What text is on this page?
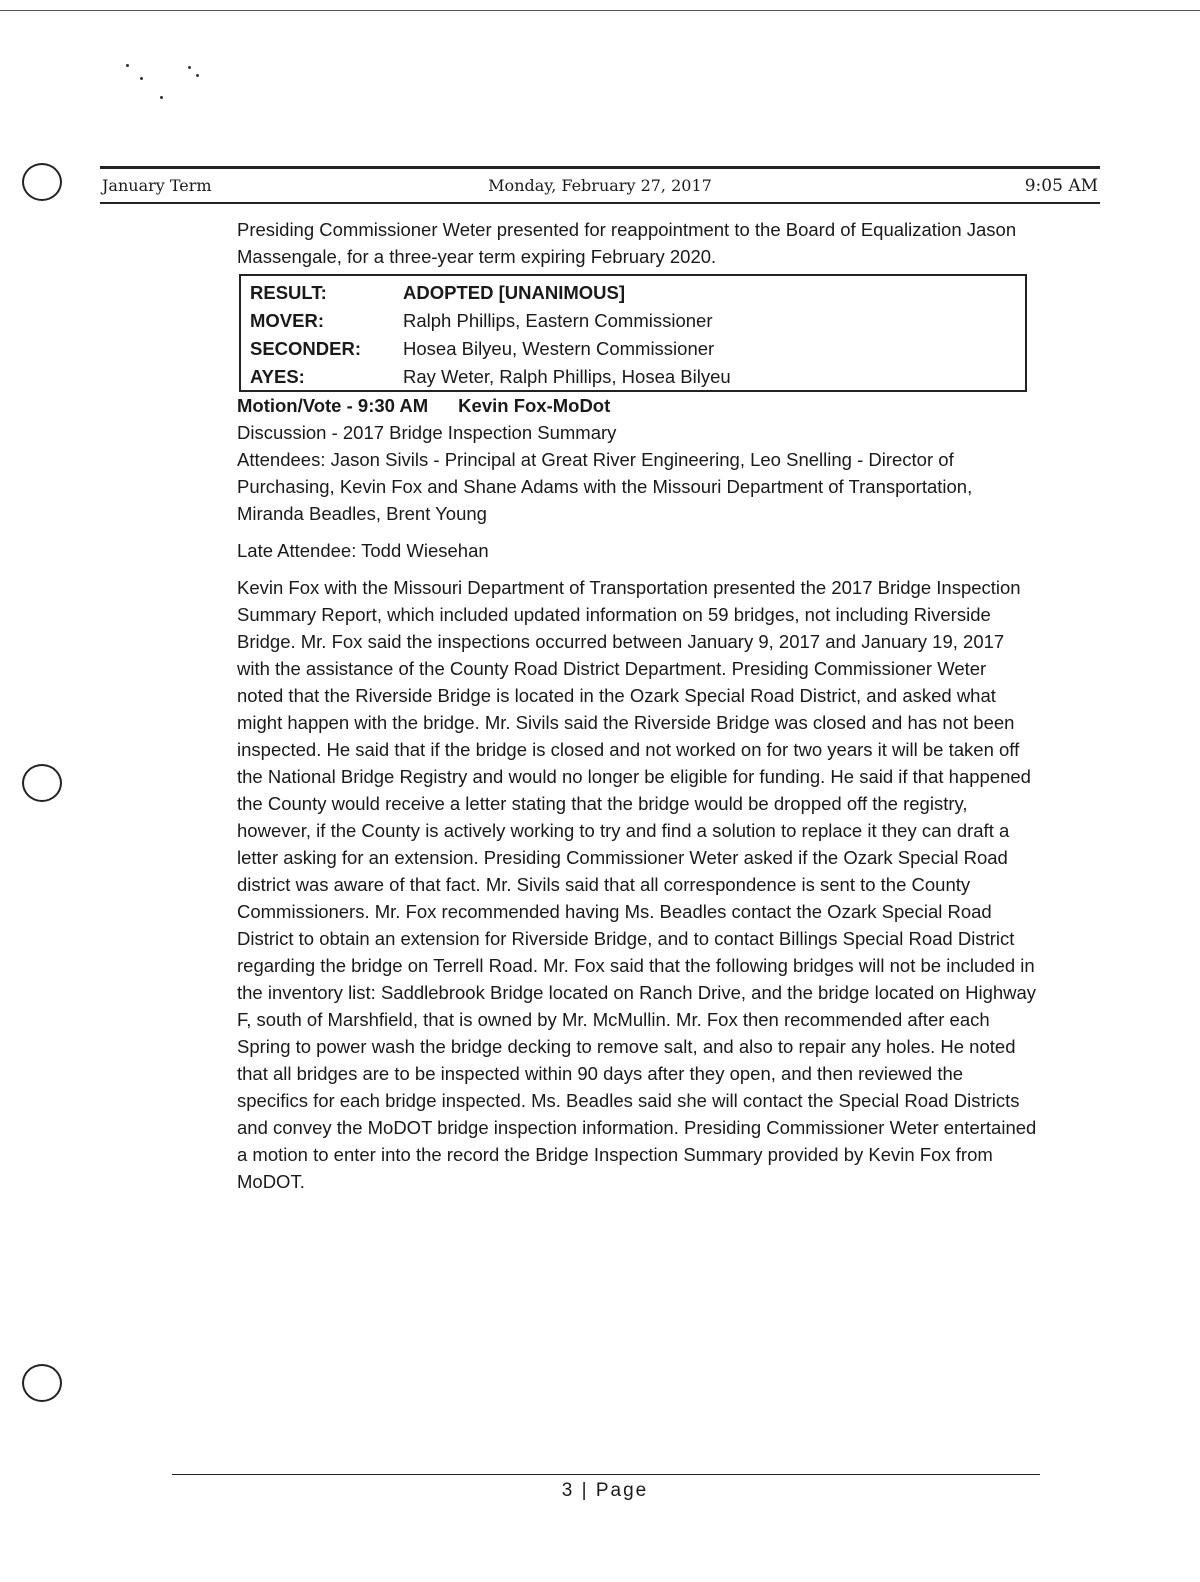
Monday, February 27, 2017
January Term	9:05 AM

Presiding Commissioner Weter presented for reappointment to the Board of Equalization Jason Massengale, for a three-year term expiring February 2020.

RESULT:	ADOPTED [UNANIMOUS]
MOVER:	Ralph Phillips, Eastern Commissioner
SECONDER:	Hosea Bilyeu, Western Commissioner
AYES:	Ray Weter, Ralph Phillips, Hosea Bilyeu

Motion/Vote - 9:30 AM Kevin Fox-MoDot

Discussion - 2017 Bridge Inspection Summary

Attendees: Jason Sivils - Principal at Great River Engineering, Leo Snelling - Director of Purchasing, Kevin Fox and Shane Adams with the Missouri Department of Transportation, Miranda Beadles, Brent Young

Late Attendee: Todd Wiesehan

Kevin Fox with the Missouri Department of Transportation presented the 2017 Bridge Inspection Summary Report, which included updated information on 59 bridges, not including Riverside Bridge. Mr. Fox said the inspections occurred between January 9, 2017 and January 19, 2017 with the assistance of the County Road District Department. Presiding Commissioner Weter noted that the Riverside Bridge is located in the Ozark Special Road District, and asked what might happen with the bridge. Mr. Sivils said the Riverside Bridge was closed and has not been inspected. He said that if the bridge is closed and not worked on for two years it will be taken off the National Bridge Registry and would no longer be eligible for funding. He said if that happened the County would receive a letter stating that the bridge would be dropped off the registry, however, if the County is actively working to try and find a solution to replace it they can draft a letter asking for an extension. Presiding Commissioner Weter asked if the Ozark Special Road district was aware of that fact. Mr. Sivils said that all correspondence is sent to the County Commissioners. Mr. Fox recommended having Ms. Beadles contact the Ozark Special Road District to obtain an extension for Riverside Bridge, and to contact Billings Special Road District regarding the bridge on Terrell Road. Mr. Fox said that the following bridges will not be included in the inventory list: Saddlebrook Bridge located on Ranch Drive, and the bridge located on Highway F, south of Marshfield, that is owned by Mr. McMullin. Mr. Fox then recommended after each Spring to power wash the bridge decking to remove salt, and also to repair any holes. He noted that all bridges are to be inspected within 90 days after they open, and then reviewed the specifics for each bridge inspected. Ms. Beadles said she will contact the Special Road Districts and convey the MoDOT bridge inspection information. Presiding Commissioner Weter entertained a motion to enter into the record the Bridge Inspection Summary provided by Kevin Fox from MoDOT.

3 | Page
